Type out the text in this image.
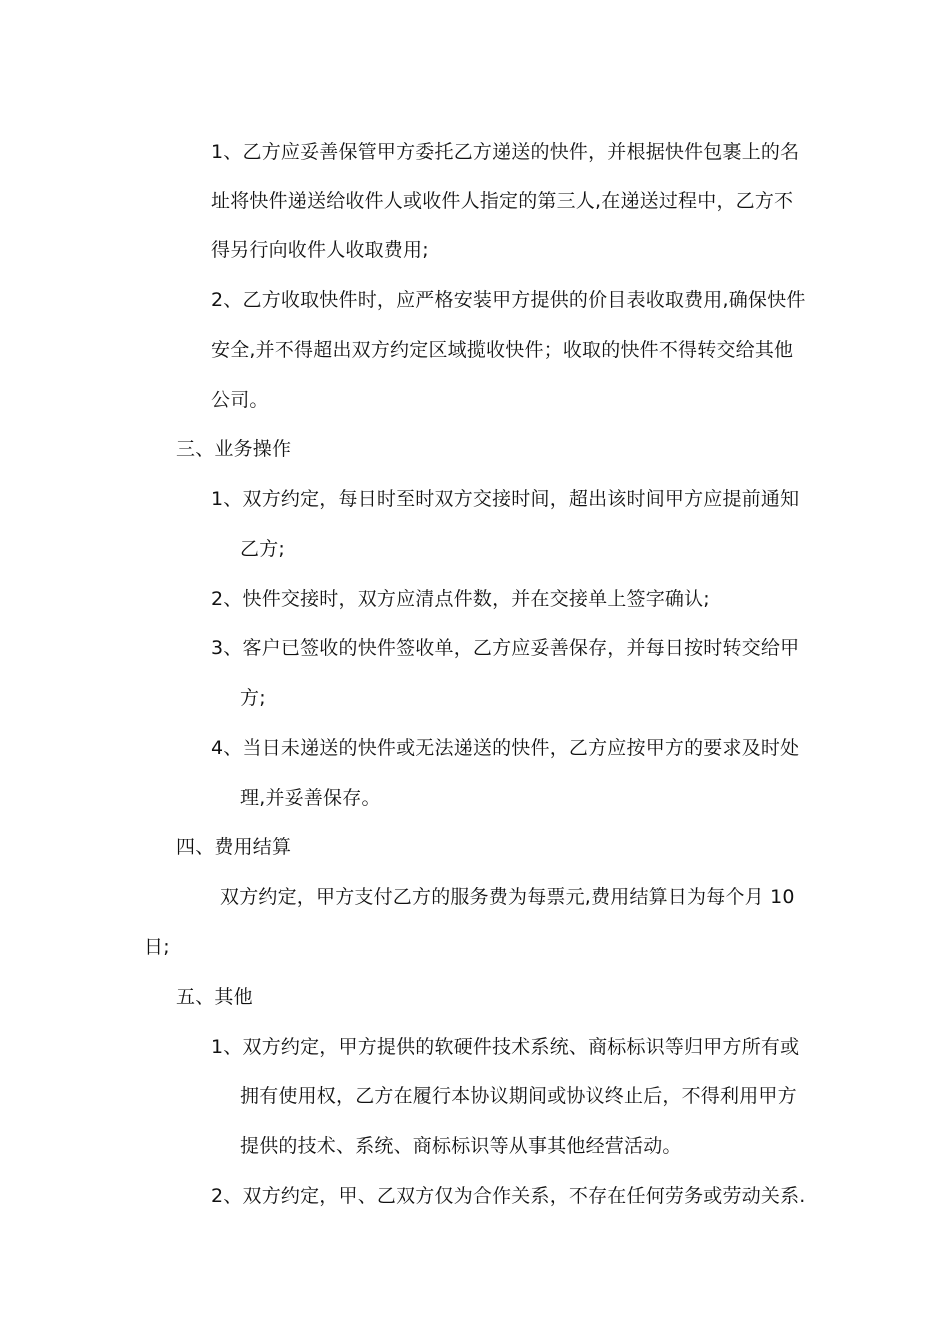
1、乙方应妥善保管甲方委托乙方递送的快件，并根据快件包裹上的名
址将快件递送给收件人或收件人指定的第三人,在递送过程中，乙方不
得另行向收件人收取费用;
2、乙方收取快件时，应严格安装甲方提供的价目表收取费用,确保快件
安全,并不得超出双方约定区域揽收快件；收取的快件不得转交给其他
公司。
三、业务操作
1、双方约定，每日时至时双方交接时间，超出该时间甲方应提前通知
乙方;
2、快件交接时，双方应清点件数，并在交接单上签字确认;
3、客户已签收的快件签收单，乙方应妥善保存，并每日按时转交给甲
方;
4、当日未递送的快件或无法递送的快件，乙方应按甲方的要求及时处
理,并妥善保存。
四、费用结算
双方约定，甲方支付乙方的服务费为每票元,费用结算日为每个月 10
日;
五、其他
1、双方约定，甲方提供的软硬件技术系统、商标标识等归甲方所有或
拥有使用权，乙方在履行本协议期间或协议终止后，不得利用甲方
提供的技术、系统、商标标识等从事其他经营活动。
2、双方约定，甲、乙双方仅为合作关系，不存在任何劳务或劳动关系.
